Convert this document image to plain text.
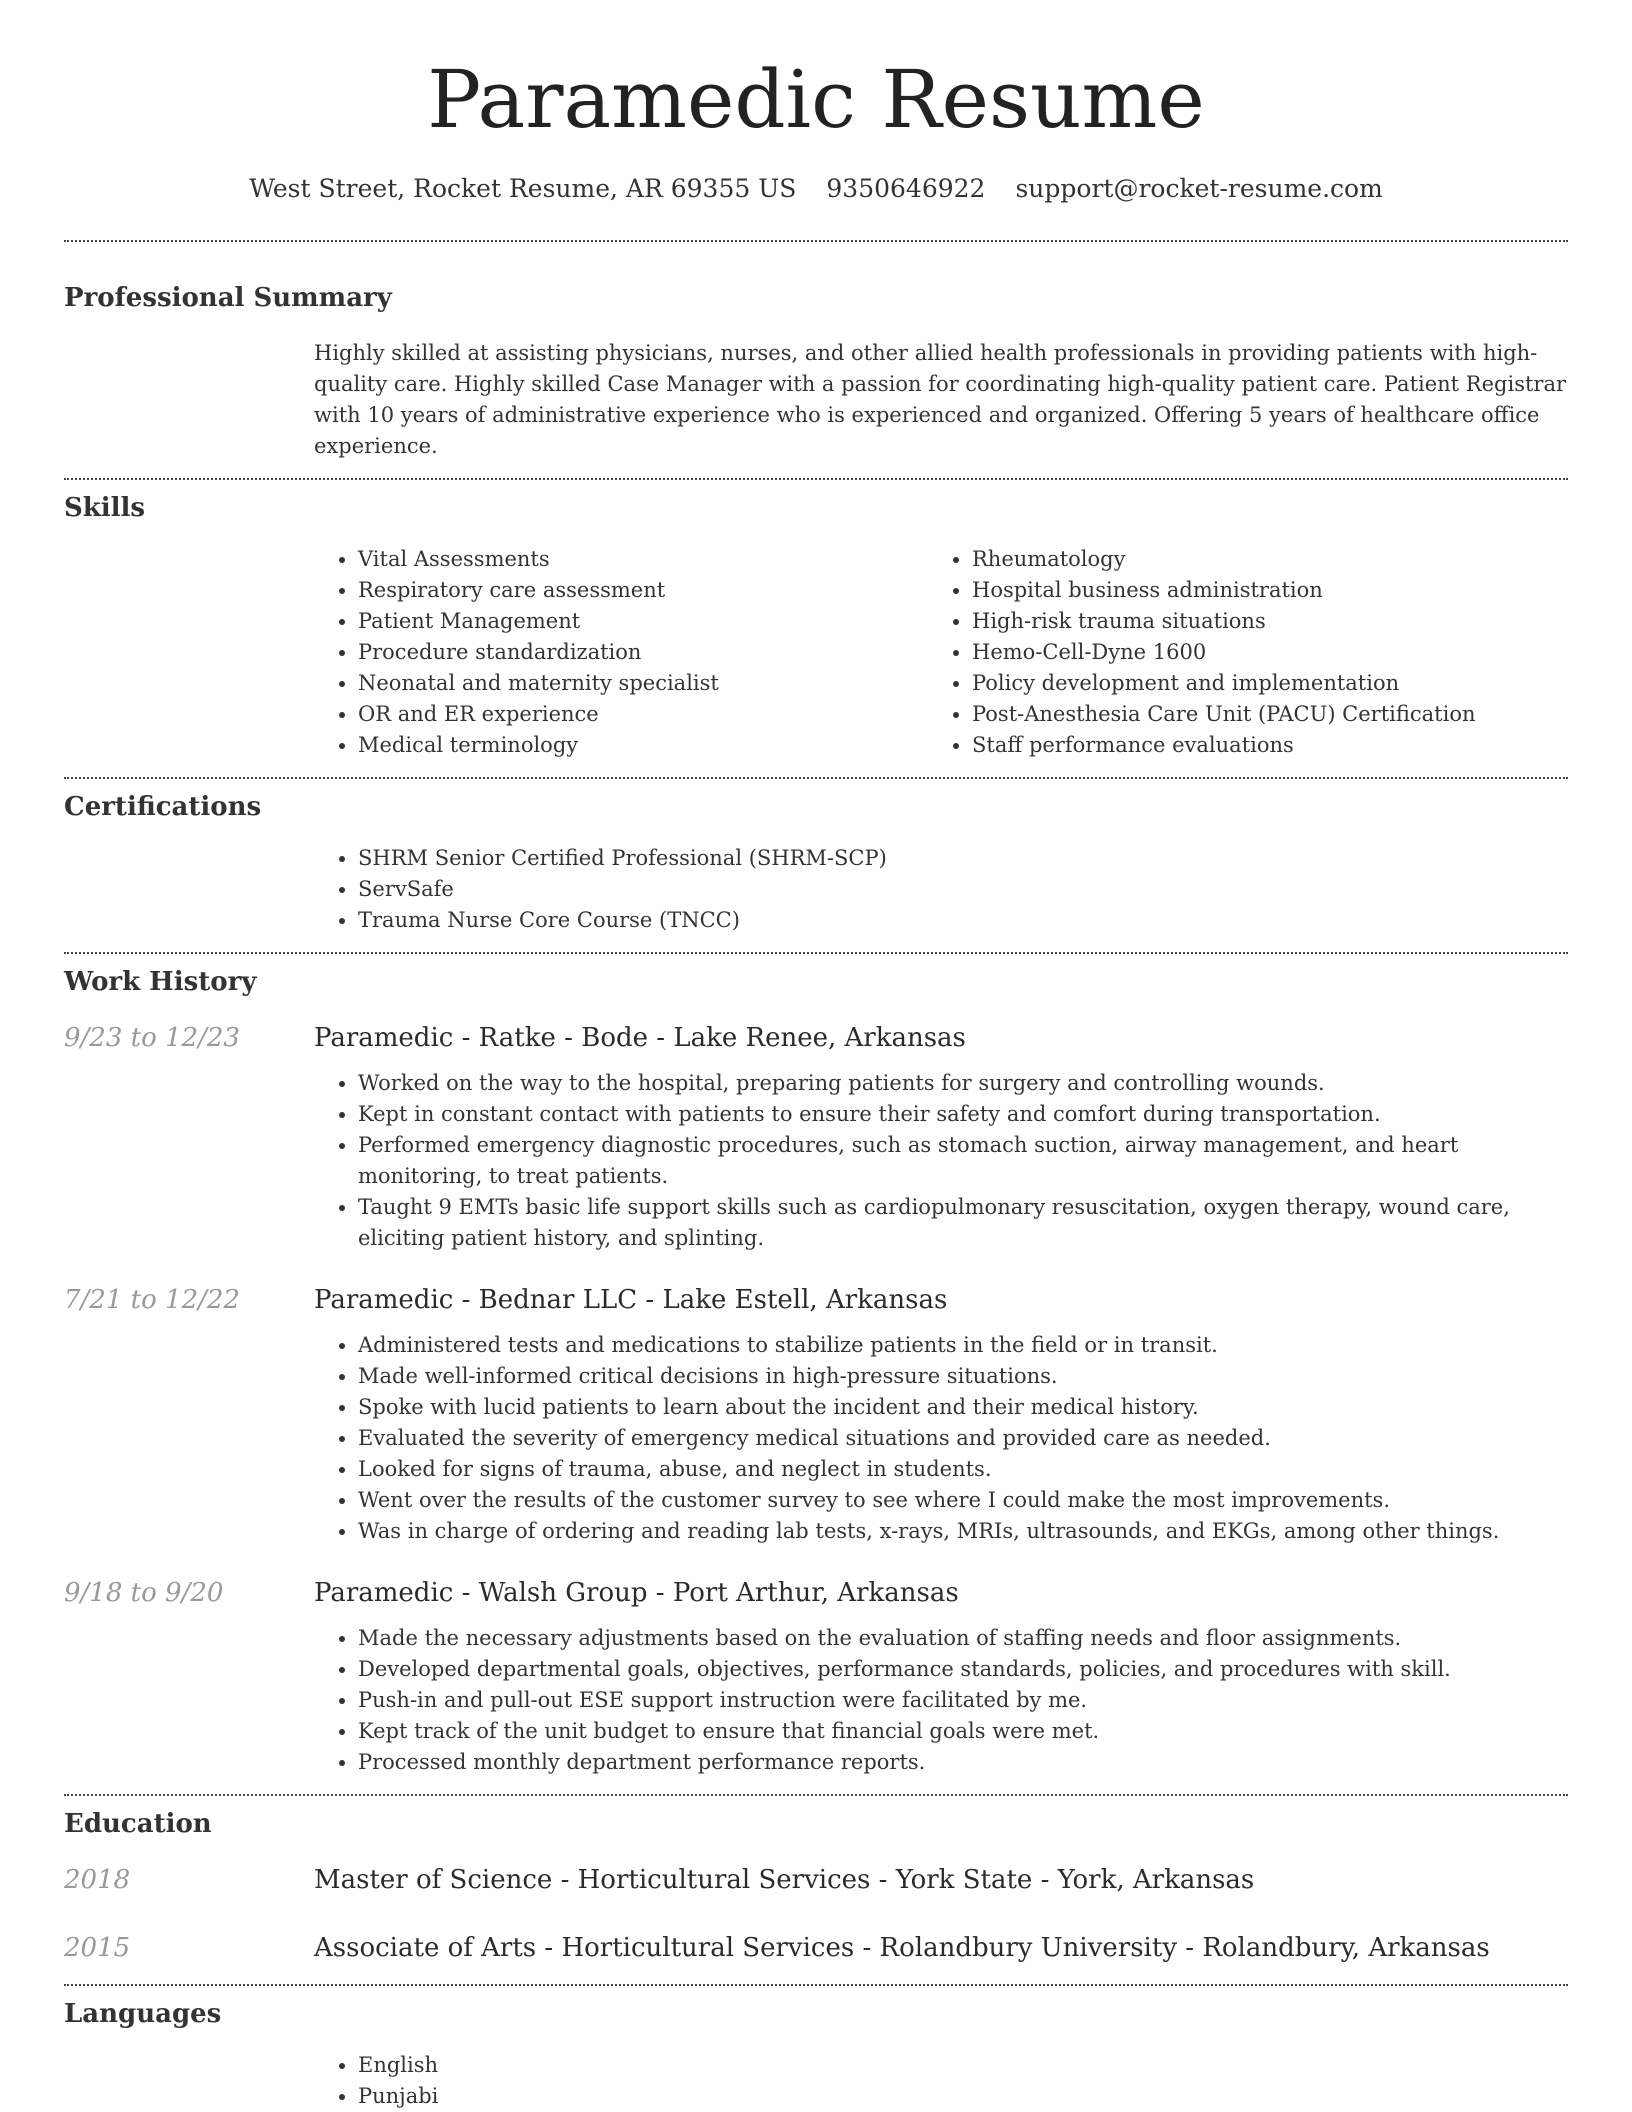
Paramedic Resume
West Street, Rocket Resume, AR 69355 US 9350646922 support@rocket-resume.com
Professional Summary
Highly skilled at assisting physicians, nurses, and other allied health professionals in providing patients with high-quality care. Highly skilled Case Manager with a passion for coordinating high-quality patient care. Patient Registrar with 10 years of administrative experience who is experienced and organized. Offering 5 years of healthcare office experience.
Skills
• Vital Assessments
• Respiratory care assessment
• Patient Management
• Procedure standardization
• Neonatal and maternity specialist
• OR and ER experience
• Medical terminology
• Rheumatology
• Hospital business administration
• High-risk trauma situations
• Hemo-Cell-Dyne 1600
• Policy development and implementation
• Post-Anesthesia Care Unit (PACU) Certification
• Staff performance evaluations
Certifications
• SHRM Senior Certified Professional (SHRM-SCP)
• ServSafe
• Trauma Nurse Core Course (TNCC)
Work History
9/23 to 12/23	Paramedic - Ratke - Bode - Lake Renee, Arkansas
• Worked on the way to the hospital, preparing patients for surgery and controlling wounds.
• Kept in constant contact with patients to ensure their safety and comfort during transportation.
• Performed emergency diagnostic procedures, such as stomach suction, airway management, and heart monitoring, to treat patients.
• Taught 9 EMTs basic life support skills such as cardiopulmonary resuscitation, oxygen therapy, wound care, eliciting patient history, and splinting.
7/21 to 12/22	Paramedic - Bednar LLC - Lake Estell, Arkansas
• Administered tests and medications to stabilize patients in the field or in transit.
• Made well-informed critical decisions in high-pressure situations.
• Spoke with lucid patients to learn about the incident and their medical history.
• Evaluated the severity of emergency medical situations and provided care as needed.
• Looked for signs of trauma, abuse, and neglect in students.
• Went over the results of the customer survey to see where I could make the most improvements.
• Was in charge of ordering and reading lab tests, x-rays, MRIs, ultrasounds, and EKGs, among other things.
9/18 to 9/20	Paramedic - Walsh Group - Port Arthur, Arkansas
• Made the necessary adjustments based on the evaluation of staffing needs and floor assignments.
• Developed departmental goals, objectives, performance standards, policies, and procedures with skill.
• Push-in and pull-out ESE support instruction were facilitated by me.
• Kept track of the unit budget to ensure that financial goals were met.
• Processed monthly department performance reports.
Education
2018	Master of Science - Horticultural Services - York State - York, Arkansas
2015	Associate of Arts - Horticultural Services - Rolandbury University - Rolandbury, Arkansas
Languages
• English
• Punjabi
